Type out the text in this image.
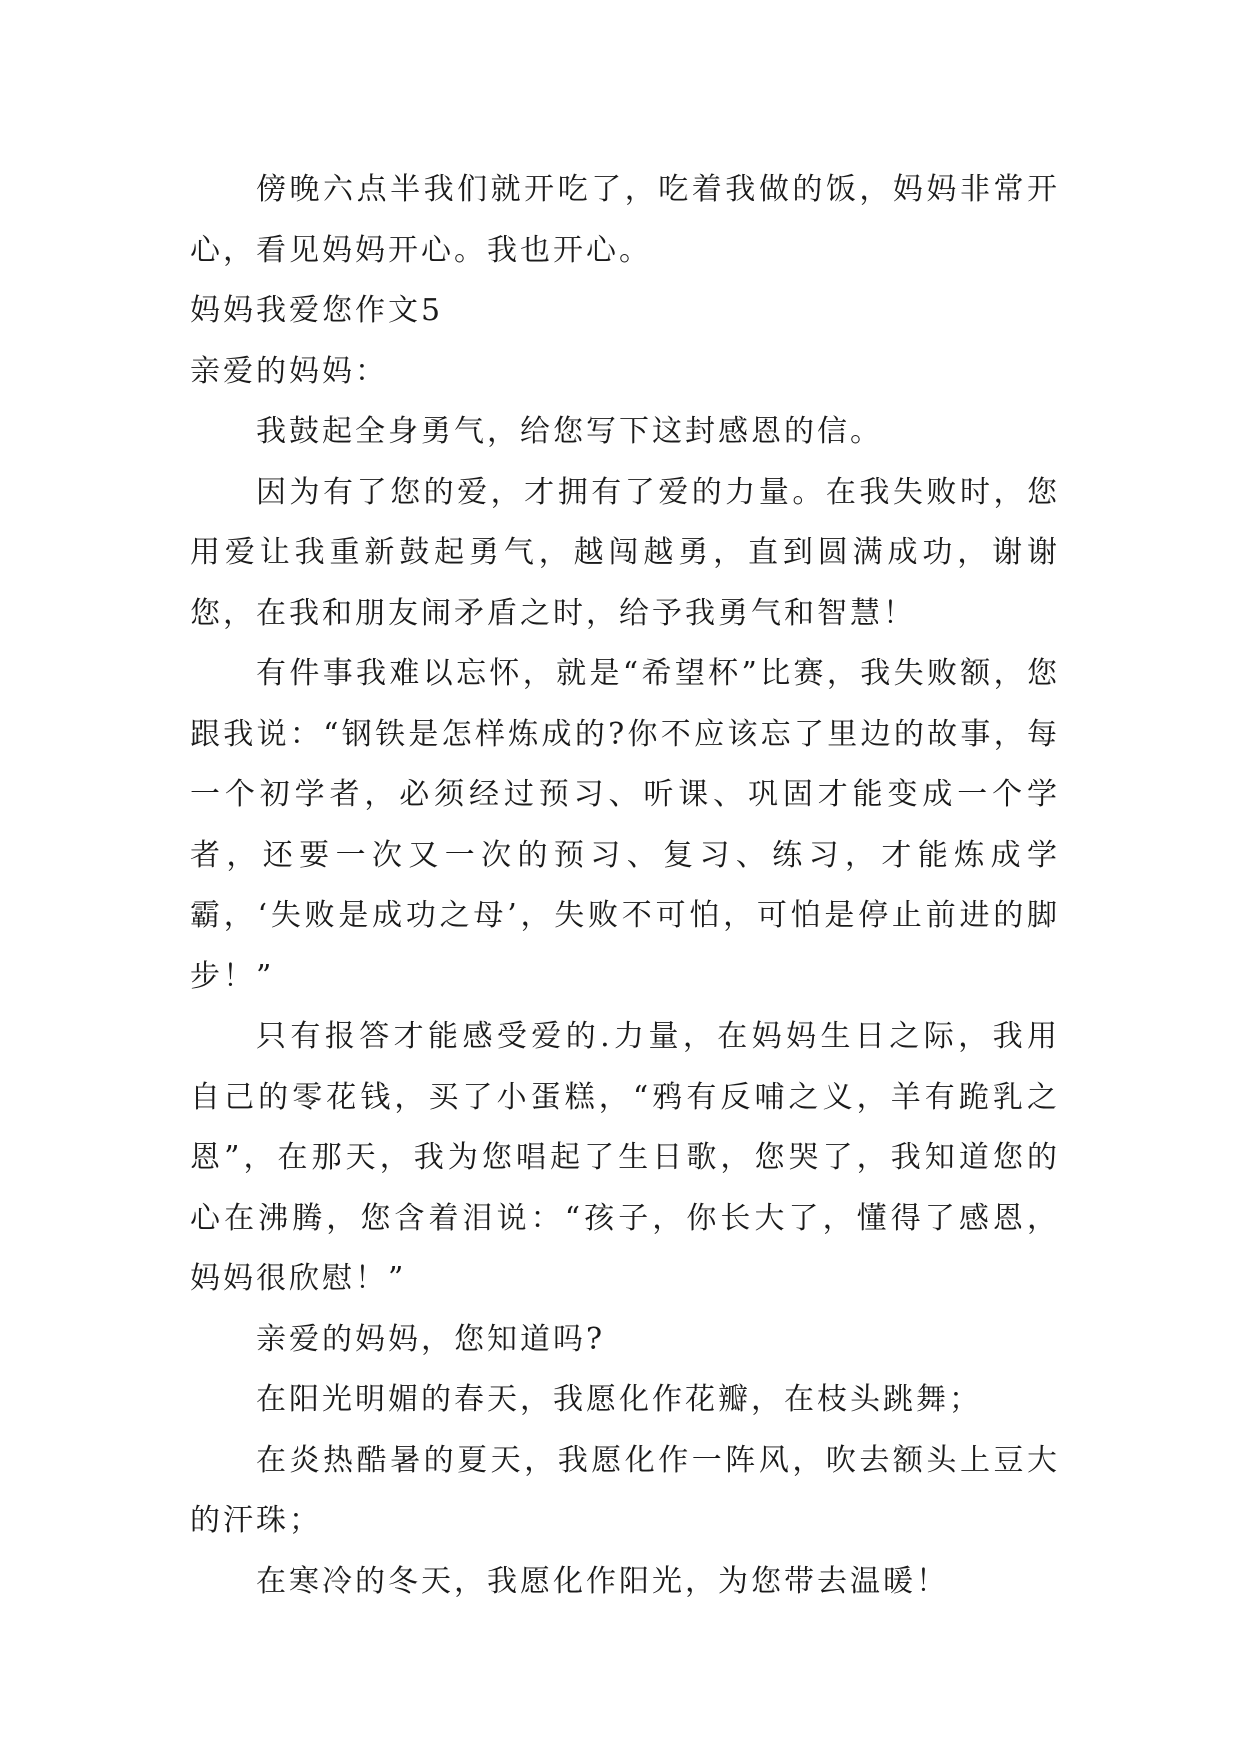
傍晚六点半我们就开吃了，吃着我做的饭，妈妈非常开心，看见妈妈开心。我也开心。

妈妈我爱您作文5

亲爱的妈妈：

我鼓起全身勇气，给您写下这封感恩的信。

因为有了您的爱，才拥有了爱的力量。在我失败时，您用爱让我重新鼓起勇气，越闯越勇，直到圆满成功，谢谢您，在我和朋友闹矛盾之时，给予我勇气和智慧！

有件事我难以忘怀，就是“希望杯”比赛，我失败额，您跟我说：“钢铁是怎样炼成的?你不应该忘了里边的故事，每一个初学者，必须经过预习、听课、巩固才能变成一个学者，还要一次又一次的预习、复习、练习，才能炼成学霸，‘失败是成功之母’，失败不可怕，可怕是停止前进的脚步！”

只有报答才能感受爱的.力量，在妈妈生日之际，我用自己的零花钱，买了小蛋糕，“鸦有反哺之义，羊有跪乳之恩”，在那天，我为您唱起了生日歌，您哭了，我知道您的心在沸腾，您含着泪说：“孩子，你长大了，懂得了感恩，妈妈很欣慰！”

亲爱的妈妈，您知道吗?

在阳光明媚的春天，我愿化作花瓣，在枝头跳舞；

在炎热酷暑的夏天，我愿化作一阵风，吹去额头上豆大的汗珠；

在寒冷的冬天，我愿化作阳光，为您带去温暖！
